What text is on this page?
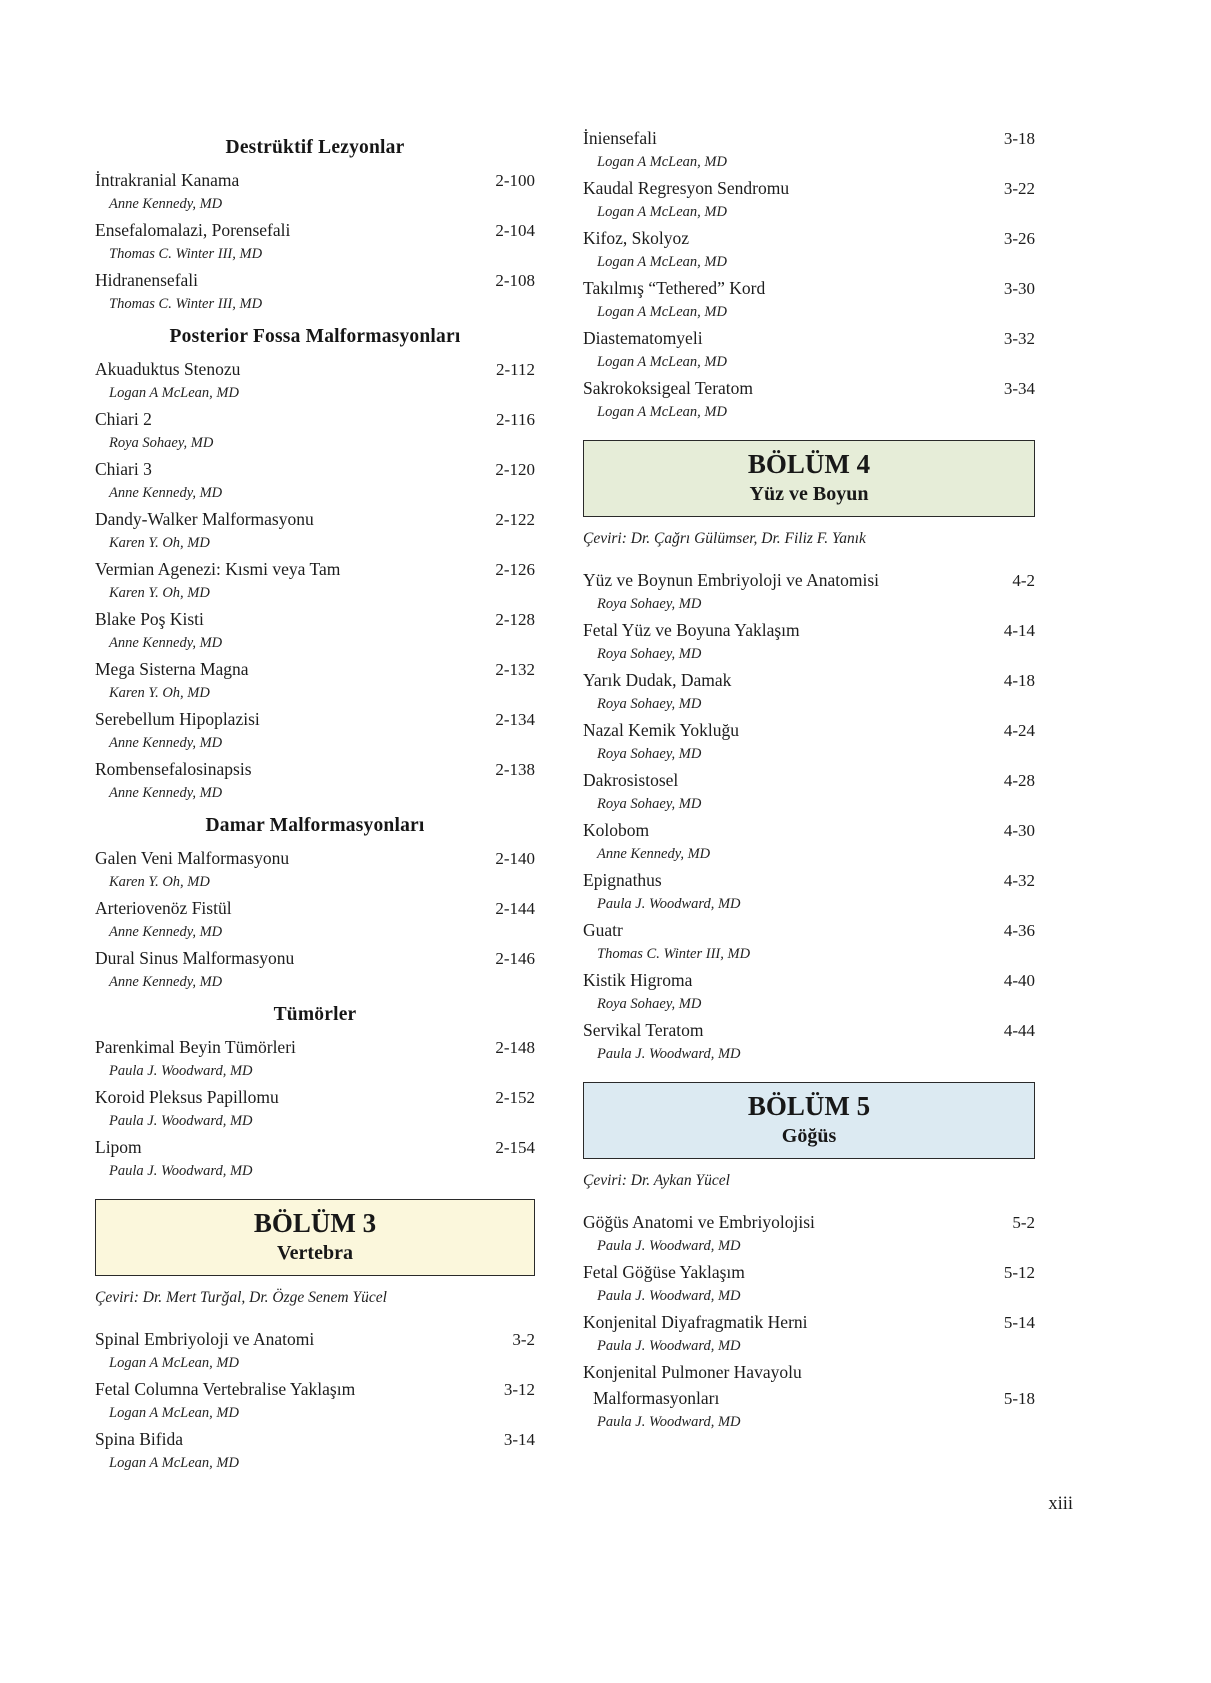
Destrüktif Lezyonlar
İntrakranial Kanama	2-100
Anne Kennedy, MD
Ensefalomalazi, Porensefali	2-104
Thomas C. Winter III, MD
Hidranensefali	2-108
Thomas C. Winter III, MD
Posterior Fossa Malformasyonları
Akuaduktus Stenozu	2-112
Logan A McLean, MD
Chiari 2	2-116
Roya Sohaey, MD
Chiari 3	2-120
Anne Kennedy, MD
Dandy-Walker Malformasyonu	2-122
Karen Y. Oh, MD
Vermian Agenezi: Kısmi veya Tam	2-126
Karen Y. Oh, MD
Blake Poş Kisti	2-128
Anne Kennedy, MD
Mega Sisterna Magna	2-132
Karen Y. Oh, MD
Serebellum Hipoplazisi	2-134
Anne Kennedy, MD
Rombensefalosinapsis	2-138
Anne Kennedy, MD
Damar Malformasyonları
Galen Veni Malformasyonu	2-140
Karen Y. Oh, MD
Arteriovenöz Fistül	2-144
Anne Kennedy, MD
Dural Sinus Malformasyonu	2-146
Anne Kennedy, MD
Tümörler
Parenkimal Beyin Tümörleri	2-148
Paula J. Woodward, MD
Koroid Pleksus Papillomu	2-152
Paula J. Woodward, MD
Lipom	2-154
Paula J. Woodward, MD
BÖLÜM 3
Vertebra
Çeviri: Dr. Mert Turğal, Dr. Özge Senem Yücel
Spinal Embriyoloji ve Anatomi	3-2
Logan A McLean, MD
Fetal Columna Vertebralise Yaklaşım	3-12
Logan A McLean, MD
Spina Bifida	3-14
Logan A McLean, MD
İniensefali	3-18
Logan A McLean, MD
Kaudal Regresyon Sendromu	3-22
Logan A McLean, MD
Kifoz, Skolyoz	3-26
Logan A McLean, MD
Takılmış “Tethered” Kord	3-30
Logan A McLean, MD
Diastematomyeli	3-32
Logan A McLean, MD
Sakrokoksigeal Teratom	3-34
Logan A McLean, MD
BÖLÜM 4
Yüz ve Boyun
Çeviri: Dr. Çağrı Gülümser, Dr. Filiz F. Yanık
Yüz ve Boynun Embriyoloji ve Anatomisi	4-2
Roya Sohaey, MD
Fetal Yüz ve Boyuna Yaklaşım	4-14
Roya Sohaey, MD
Yarık Dudak, Damak	4-18
Roya Sohaey, MD
Nazal Kemik Yokluğu	4-24
Roya Sohaey, MD
Dakrosistosel	4-28
Roya Sohaey, MD
Kolobom	4-30
Anne Kennedy, MD
Epignathus	4-32
Paula J. Woodward, MD
Guatr	4-36
Thomas C. Winter III, MD
Kistik Higroma	4-40
Roya Sohaey, MD
Servikal Teratom	4-44
Paula J. Woodward, MD
BÖLÜM 5
Göğüs
Çeviri: Dr. Aykan Yücel
Göğüs Anatomi ve Embriyolojisi	5-2
Paula J. Woodward, MD
Fetal Göğüse Yaklaşım	5-12
Paula J. Woodward, MD
Konjenital Diyafragmatik Herni	5-14
Paula J. Woodward, MD
Konjenital Pulmoner Havayolu
Malformasyonları	5-18
Paula J. Woodward, MD
xiii
